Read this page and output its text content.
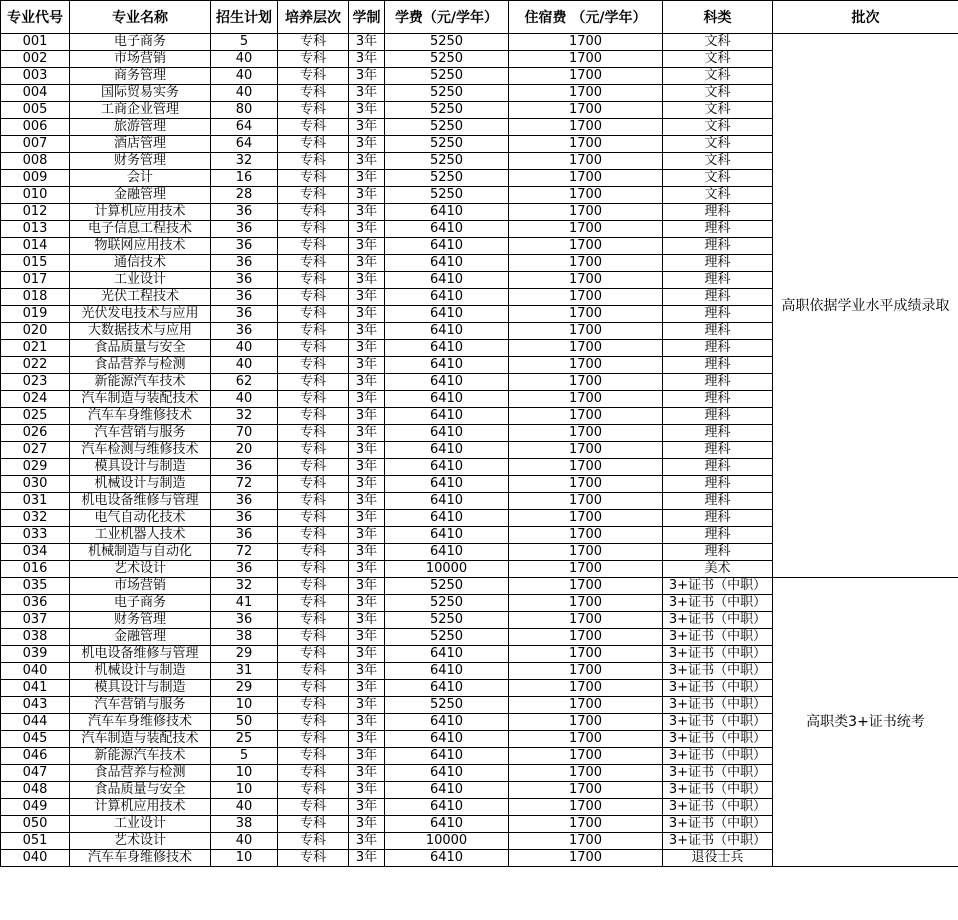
专业代号	专业名称	招生计划	培养层次	学制	学费（元/学年）	住宿费 （元/学年）	科类	批次
001	电子商务	5	专科	3年	5250	1700	文科	高职依据学业水平成绩录取
002	市场营销	40	专科	3年	5250	1700	文科	
003	商务管理	40	专科	3年	5250	1700	文科	
004	国际贸易实务	40	专科	3年	5250	1700	文科	
005	工商企业管理	80	专科	3年	5250	1700	文科	
006	旅游管理	64	专科	3年	5250	1700	文科	
007	酒店管理	64	专科	3年	5250	1700	文科	
008	财务管理	32	专科	3年	5250	1700	文科	
009	会计	16	专科	3年	5250	1700	文科	
010	金融管理	28	专科	3年	5250	1700	文科	
012	计算机应用技术	36	专科	3年	6410	1700	理科	
013	电子信息工程技术	36	专科	3年	6410	1700	理科	
014	物联网应用技术	36	专科	3年	6410	1700	理科	
015	通信技术	36	专科	3年	6410	1700	理科	
017	工业设计	36	专科	3年	6410	1700	理科	
018	光伏工程技术	36	专科	3年	6410	1700	理科	
019	光伏发电技术与应用	36	专科	3年	6410	1700	理科	
020	大数据技术与应用	36	专科	3年	6410	1700	理科	
021	食品质量与安全	40	专科	3年	6410	1700	理科	
022	食品营养与检测	40	专科	3年	6410	1700	理科	
023	新能源汽车技术	62	专科	3年	6410	1700	理科	
024	汽车制造与装配技术	40	专科	3年	6410	1700	理科	
025	汽车车身维修技术	32	专科	3年	6410	1700	理科	
026	汽车营销与服务	70	专科	3年	6410	1700	理科	
027	汽车检测与维修技术	20	专科	3年	6410	1700	理科	
029	模具设计与制造	36	专科	3年	6410	1700	理科	
030	机械设计与制造	72	专科	3年	6410	1700	理科	
031	机电设备维修与管理	36	专科	3年	6410	1700	理科	
032	电气自动化技术	36	专科	3年	6410	1700	理科	
033	工业机器人技术	36	专科	3年	6410	1700	理科	
034	机械制造与自动化	72	专科	3年	6410	1700	理科	
016	艺术设计	36	专科	3年	10000	1700	美术	
035	市场营销	32	专科	3年	5250	1700	3+证书（中职）	高职类3+证书统考
036	电子商务	41	专科	3年	5250	1700	3+证书（中职）	
037	财务管理	36	专科	3年	5250	1700	3+证书（中职）	
038	金融管理	38	专科	3年	5250	1700	3+证书（中职）	
039	机电设备维修与管理	29	专科	3年	6410	1700	3+证书（中职）	
040	机械设计与制造	31	专科	3年	6410	1700	3+证书（中职）	
041	模具设计与制造	29	专科	3年	6410	1700	3+证书（中职）	
043	汽车营销与服务	10	专科	3年	5250	1700	3+证书（中职）	
044	汽车车身维修技术	50	专科	3年	6410	1700	3+证书（中职）	
045	汽车制造与装配技术	25	专科	3年	6410	1700	3+证书（中职）	
046	新能源汽车技术	5	专科	3年	6410	1700	3+证书（中职）	
047	食品营养与检测	10	专科	3年	6410	1700	3+证书（中职）	
048	食品质量与安全	10	专科	3年	6410	1700	3+证书（中职）	
049	计算机应用技术	40	专科	3年	6410	1700	3+证书（中职）	
050	工业设计	38	专科	3年	6410	1700	3+证书（中职）	
051	艺术设计	40	专科	3年	10000	1700	3+证书（中职）	
040	汽车车身维修技术	10	专科	3年	6410	1700	退役士兵	
